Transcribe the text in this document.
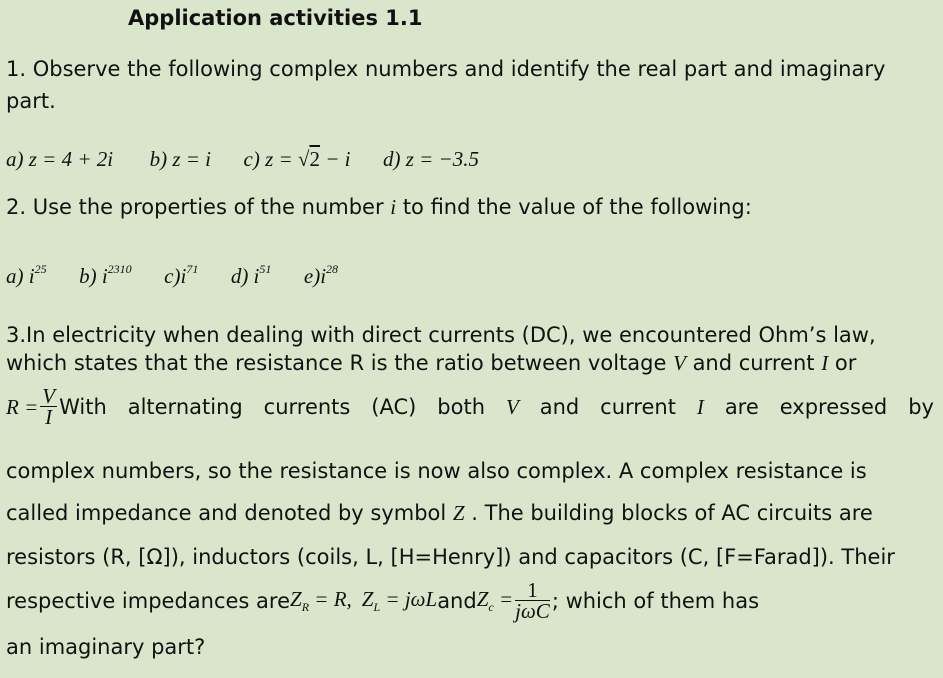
Application activities 1.1
1. Observe the following complex numbers and identify the real part and imaginary
part.
a) z = 4 + 2i b) z = i c) z = √2 − i d) z = −3.5
2. Use the properties of the number i to find the value of the following:
a) $i^{25}$ b) $i^{2310}$ $c)i^{71}$ d) $i^{51}$ $e)i^{28}$
3.In electricity when dealing with direct currents (DC), we encountered Ohm’s law,
which states that the resistance R is the ratio between voltage V and current I or
$R = \frac{V}{I}$ With alternating currents (AC) both V and current I are expressed by
complex numbers, so the resistance is now also complex. A complex resistance is
called impedance and denoted by symbol Z . The building blocks of AC circuits are
resistors (R, [Ω]), inductors (coils, L, [H=Henry]) and capacitors (C, [F=Farad]). Their
respective impedances are $Z_R = R$, $Z_L = j\omega L$ and $Z_c = \frac{1}{\text{jωC}}$ ; which of them has
an imaginary part?
